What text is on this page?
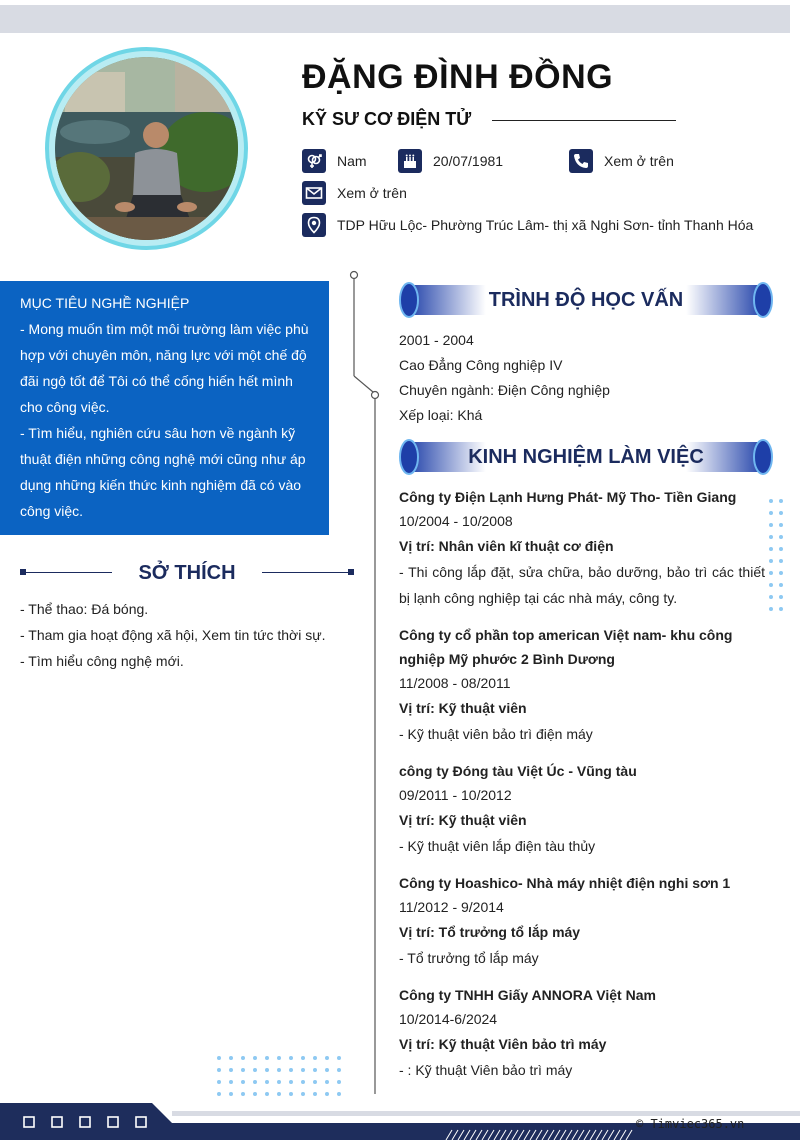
ĐẶNG ĐÌNH ĐỒNG
KỸ SƯ CƠ ĐIỆN TỬ
Nam	20/07/1981	Xem ở trên
Xem ở trên
TDP Hữu Lộc- Phường Trúc Lâm- thị xã Nghi Sơn- tỉnh Thanh Hóa
MỤC TIÊU NGHỀ NGHIỆP
- Mong muốn tìm một môi trường làm việc phù
hợp với chuyên môn, năng lực với một chế độ
đãi ngộ tốt để Tôi có thể cống hiến hết mình
cho công việc.
- Tìm hiểu, nghiên cứu sâu hơn về ngành kỹ
thuật điện những công nghệ mới cũng như áp
dụng những kiến thức kinh nghiệm đã có vào
công việc.
SỞ THÍCH
- Thể thao: Đá bóng.
- Tham gia hoạt động xã hội, Xem tin tức thời sự.
- Tìm hiểu công nghệ mới.
TRÌNH ĐỘ HỌC VẤN
2001 - 2004
Cao Đẳng Công nghiệp IV
Chuyên ngành: Điện Công nghiệp
Xếp loại: Khá
KINH NGHIỆM LÀM VIỆC
Công ty Điện Lạnh Hưng Phát- Mỹ Tho- Tiền Giang
10/2004 - 10/2008
Vị trí: Nhân viên kĩ thuật cơ điện
- Thi công lắp đặt, sửa chữa, bảo dưỡng, bảo trì các thiết bị lạnh công nghiệp tại các nhà máy, công ty.
Công ty cổ phần top american Việt nam- khu công nghiệp Mỹ phước 2 Bình Dương
11/2008 - 08/2011
Vị trí: Kỹ thuật viên
- Kỹ thuật viên bảo trì điện máy
công ty Đóng tàu Việt Úc - Vũng tàu
09/2011 - 10/2012
Vị trí: Kỹ thuật viên
- Kỹ thuật viên lắp điện tàu thủy
Công ty Hoashico- Nhà máy nhiệt điện nghi sơn 1
11/2012 - 9/2014
Vị trí: Tổ trưởng tổ lắp máy
- Tổ trưởng tổ lắp máy
Công ty TNHH Giấy ANNORA Việt Nam
10/2014-6/2024
Vị trí: Kỹ thuật Viên bảo trì máy
- : Kỹ thuật Viên bảo trì máy
© Timviec365.vn
